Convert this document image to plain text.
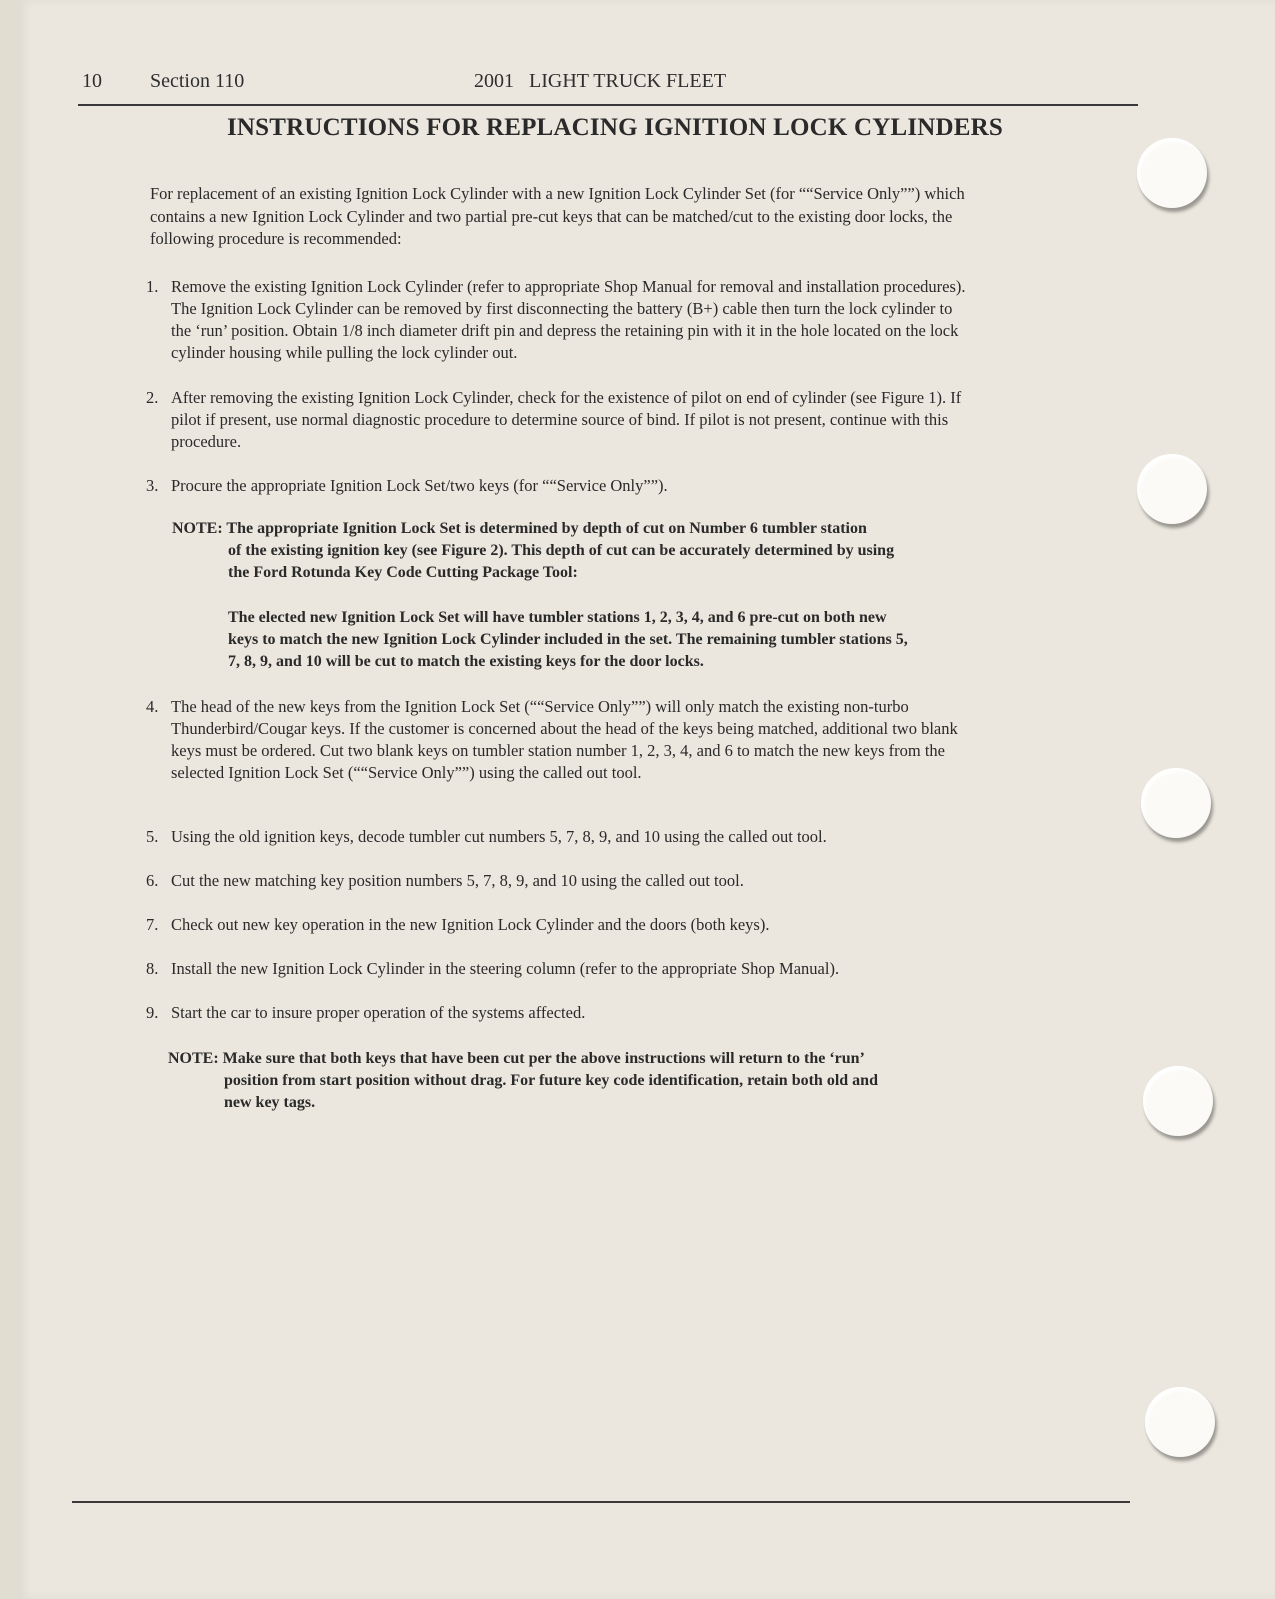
10 Section 110	2001   LIGHT TRUCK FLEET
INSTRUCTIONS FOR REPLACING IGNITION LOCK CYLINDERS
For replacement of an existing Ignition Lock Cylinder with a new Ignition Lock Cylinder Set (for ““Service Only””) which contains a new Ignition Lock Cylinder and two partial pre-cut keys that can be matched/cut to the existing door locks, the following procedure is recommended:
1. Remove the existing Ignition Lock Cylinder (refer to appropriate Shop Manual for removal and installation procedures). The Ignition Lock Cylinder can be removed by first disconnecting the battery (B+) cable then turn the lock cylinder to the ‘run’ position. Obtain 1/8 inch diameter drift pin and depress the retaining pin with it in the hole located on the lock cylinder housing while pulling the lock cylinder out.
2. After removing the existing Ignition Lock Cylinder, check for the existence of pilot on end of cylinder (see Figure 1). If pilot if present, use normal diagnostic procedure to determine source of bind. If pilot is not present, continue with this procedure.
3. Procure the appropriate Ignition Lock Set/two keys (for ““Service Only””).
NOTE: The appropriate Ignition Lock Set is determined by depth of cut on Number 6 tumbler station
of the existing ignition key (see Figure 2). This depth of cut can be accurately determined by using the Ford Rotunda Key Code Cutting Package Tool:
The elected new Ignition Lock Set will have tumbler stations 1, 2, 3, 4, and 6 pre-cut on both new keys to match the new Ignition Lock Cylinder included in the set. The remaining tumbler stations 5, 7, 8, 9, and 10 will be cut to match the existing keys for the door locks.
4. The head of the new keys from the Ignition Lock Set (““Service Only””) will only match the existing non-turbo Thunderbird/Cougar keys. If the customer is concerned about the head of the keys being matched, additional two blank keys must be ordered. Cut two blank keys on tumbler station number 1, 2, 3, 4, and 6 to match the new keys from the selected Ignition Lock Set (““Service Only””) using the called out tool.
5. Using the old ignition keys, decode tumbler cut numbers 5, 7, 8, 9, and 10 using the called out tool.
6. Cut the new matching key position numbers 5, 7, 8, 9, and 10 using the called out tool.
7. Check out new key operation in the new Ignition Lock Cylinder and the doors (both keys).
8. Install the new Ignition Lock Cylinder in the steering column (refer to the appropriate Shop Manual).
9. Start the car to insure proper operation of the systems affected.
NOTE: Make sure that both keys that have been cut per the above instructions will return to the ‘run’
position from start position without drag. For future key code identification, retain both old and new key tags.
